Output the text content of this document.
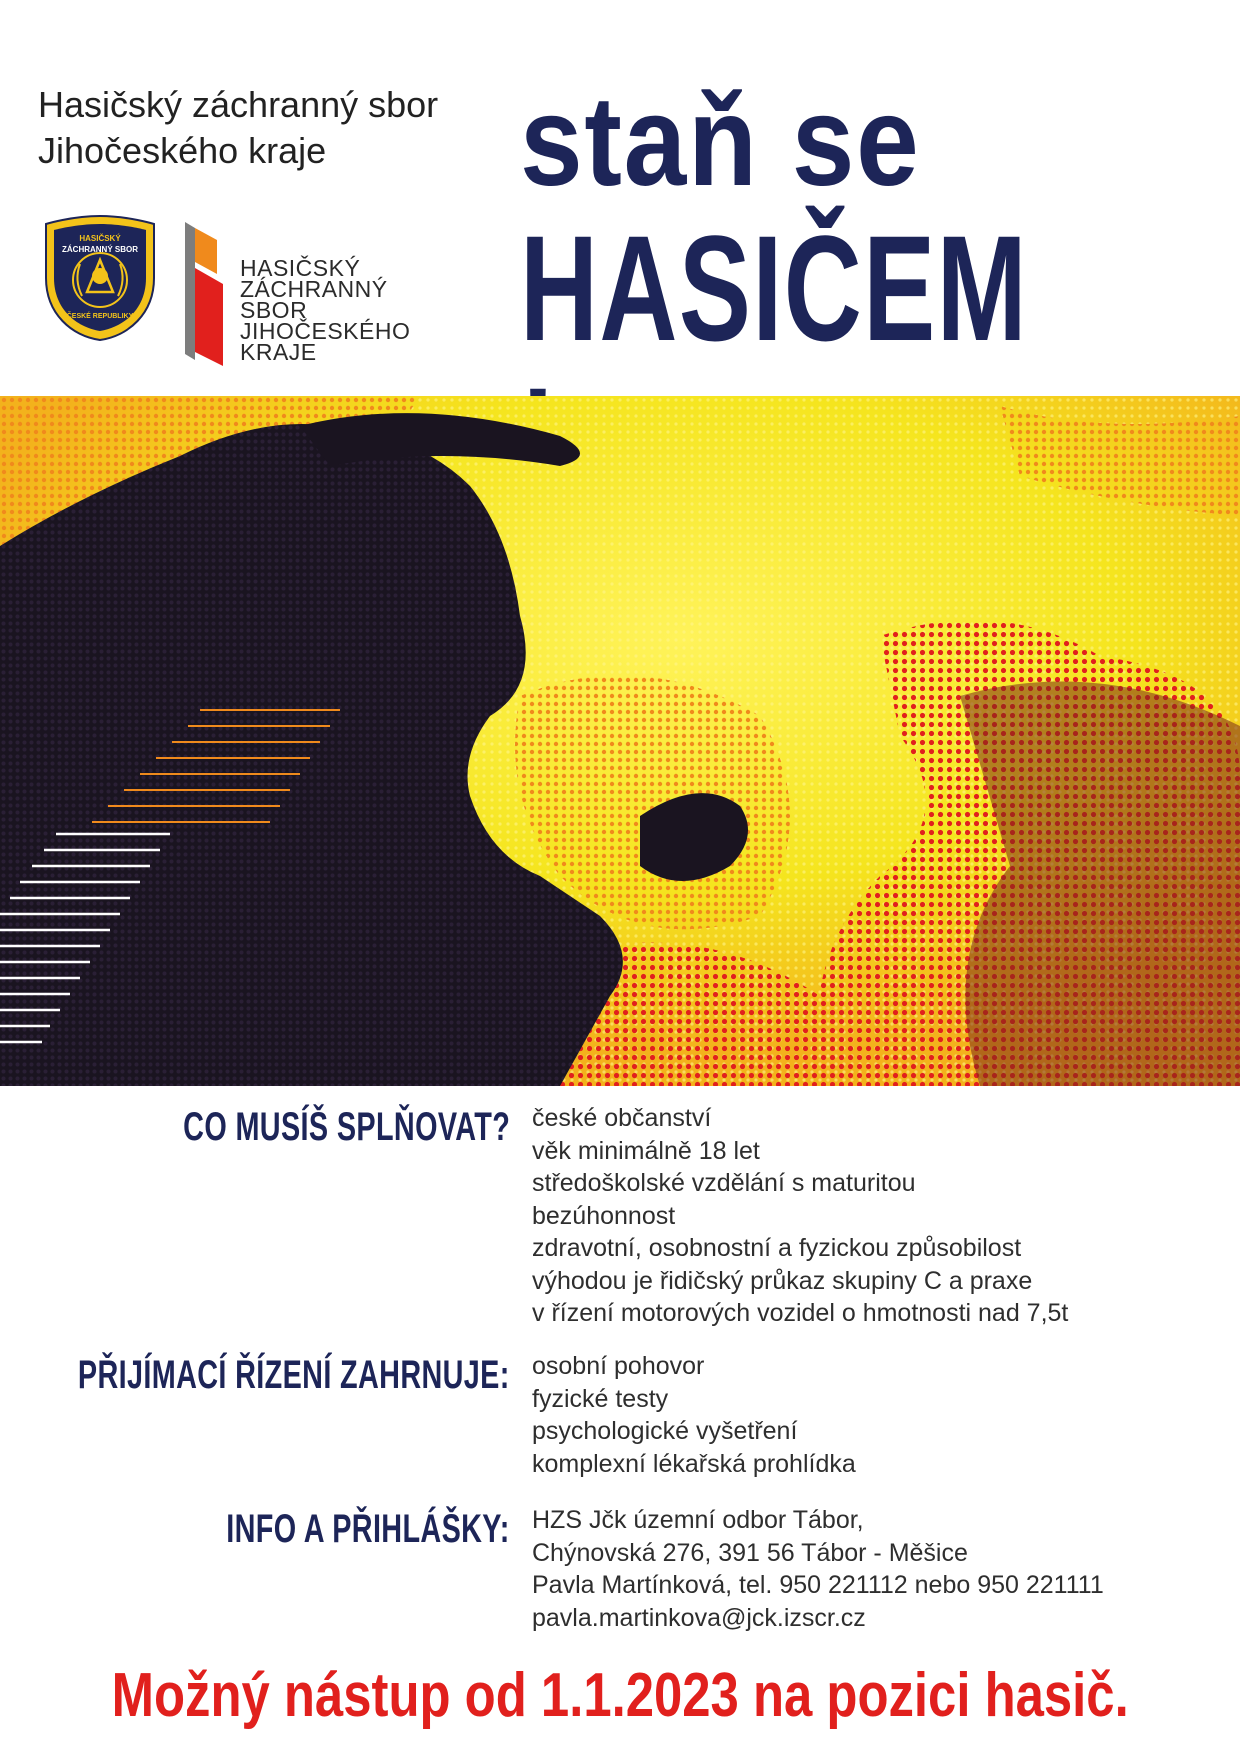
Hasičský záchranný sbor
Jihočeského kraje
HASIČSKÝ
ZÁCHRANNÝ SBOR
ČESKÉ REPUBLIKY
HASIČSKÝ
ZÁCHRANNÝ
SBOR
JIHOČESKÉHO
KRAJE
staň se
HASIČEM
CO MUSÍŠ SPLŇOVAT? české občanství
věk minimálně 18 let
středoškolské vzdělání s maturitou
bezúhonnost
zdravotní, osobnostní a fyzickou způsobilost
výhodou je řidičský průkaz skupiny C a praxe
v řízení motorových vozidel o hmotnosti nad 7,5t
PŘIJÍMACÍ ŘÍZENÍ ZAHRNUJE: osobní pohovor
fyzické testy
psychologické vyšetření
komplexní lékařská prohlídka
INFO A PŘIHLÁŠKY: HZS Jčk územní odbor Tábor,
Chýnovská 276, 391 56 Tábor - Měšice
Pavla Martínková, tel. 950 221112 nebo 950 221111
pavla.martinkova@jck.izscr.cz
Možný nástup od 1.1.2023 na pozici hasič.
